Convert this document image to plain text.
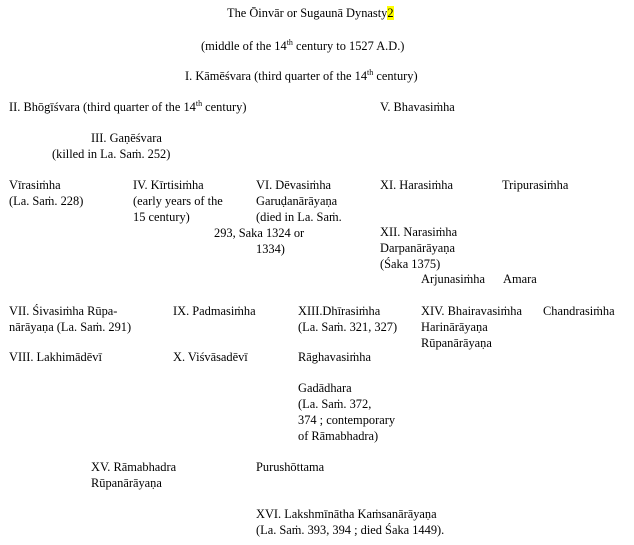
The Ōinvār or Sugaunā Dynasty2
(middle of the 14th century to 1527 A.D.)
I. Kāmēśvara (third quarter of the 14th century)
II. Bhōgīśvara (third quarter of the 14th century)	V. Bhavasiṁha
III. Gaṇēśvara
(killed in La. Saṁ. 252)
Vīrasiṁha
(La. Saṁ. 228)
IV. Kīrtisiṁha
(early years of the
15 century)
VI. Dēvasiṁha
Garuḍanārāyaṇa
(died in La. Saṁ.
293, Saka 1324 or
1334)
XI. Harasiṁha	Tripurasiṁha
XII. Narasiṁha
Darpanārāyaṇa
(Śaka 1375)
Arjunasiṁha Amara
VII. Śivasiṁha Rūpa-
nārāyaṇa (La. Saṁ. 291)
IX. Padmasiṁha	XIII.Dhīrasiṁha
(La. Saṁ. 321, 327)
XIV. Bhairavasiṁha
Harinārāyaṇa
Rūpanārāyaṇa
Chandrasiṁha
VIII. Lakhimādēvī	X. Viśvāsadēvī	Rāghavasiṁha
Gadādhara
(La. Saṁ. 372,
374 ; contemporary
of Rāmabhadra)
XV. Rāmabhadra
Rūpanārāyaṇa
Purushōttama
XVI. Lakshmīnātha Kaṁsanārāyaṇa
(La. Saṁ. 393, 394 ; died Śaka 1449).
